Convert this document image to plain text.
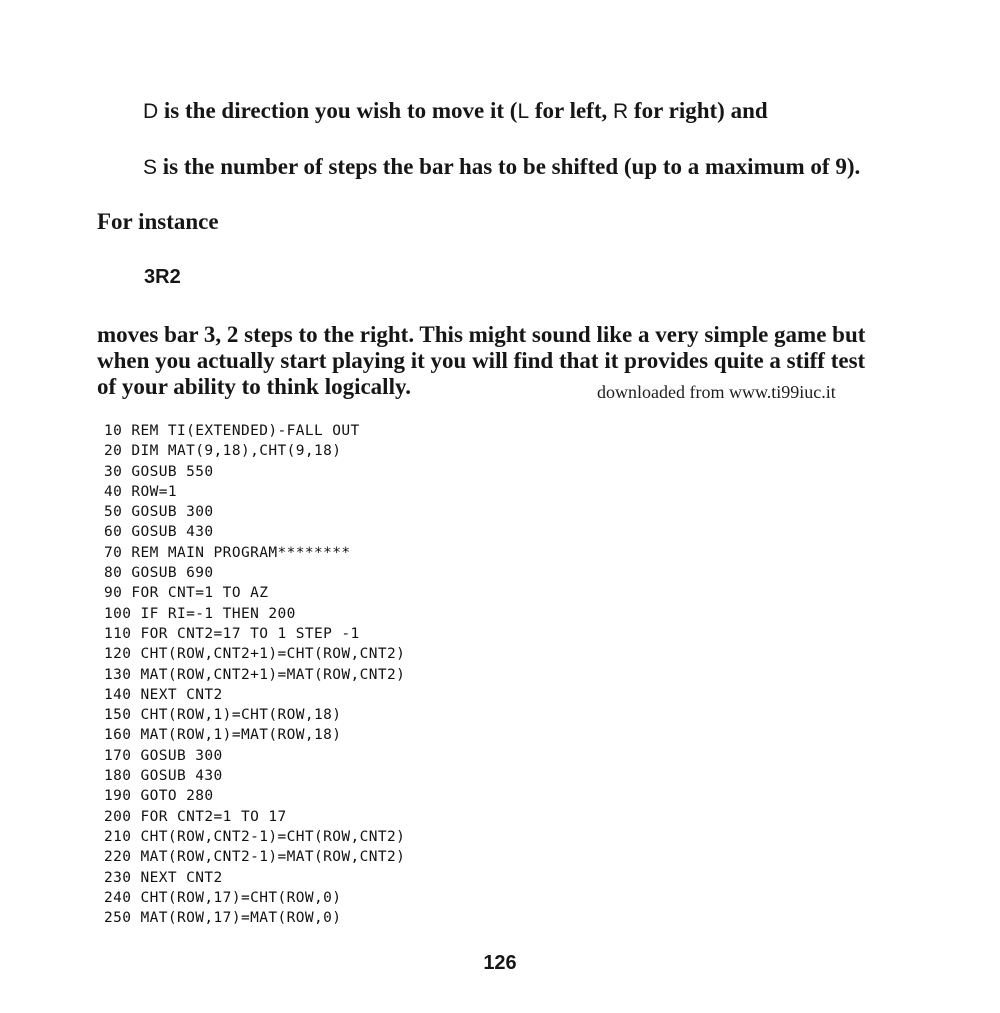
D is the direction you wish to move it (L for left, R for right) and
S is the number of steps the bar has to be shifted (up to a maximum of 9).
For instance
3R2
moves bar 3, 2 steps to the right. This might sound like a very simple game but
when you actually start playing it you will find that it provides quite a stiff test
of your ability to think logically.	downloaded from www.ti99iuc.it
10 REM TI(EXTENDED)-FALL OUT
20 DIM MAT(9,18),CHT(9,18)
30 GOSUB 550
40 ROW=1
50 GOSUB 300
60 GOSUB 430
70 REM MAIN PROGRAM********
80 GOSUB 690
90 FOR CNT=1 TO AZ
100 IF RI=-1 THEN 200
110 FOR CNT2=17 TO 1 STEP -1
120 CHT(ROW,CNT2+1)=CHT(ROW,CNT2)
130 MAT(ROW,CNT2+1)=MAT(ROW,CNT2)
140 NEXT CNT2
150 CHT(ROW,1)=CHT(ROW,18)
160 MAT(ROW,1)=MAT(ROW,18)
170 GOSUB 300
180 GOSUB 430
190 GOTO 280
200 FOR CNT2=1 TO 17
210 CHT(ROW,CNT2-1)=CHT(ROW,CNT2)
220 MAT(ROW,CNT2-1)=MAT(ROW,CNT2)
230 NEXT CNT2
240 CHT(ROW,17)=CHT(ROW,0)
250 MAT(ROW,17)=MAT(ROW,0)
126
